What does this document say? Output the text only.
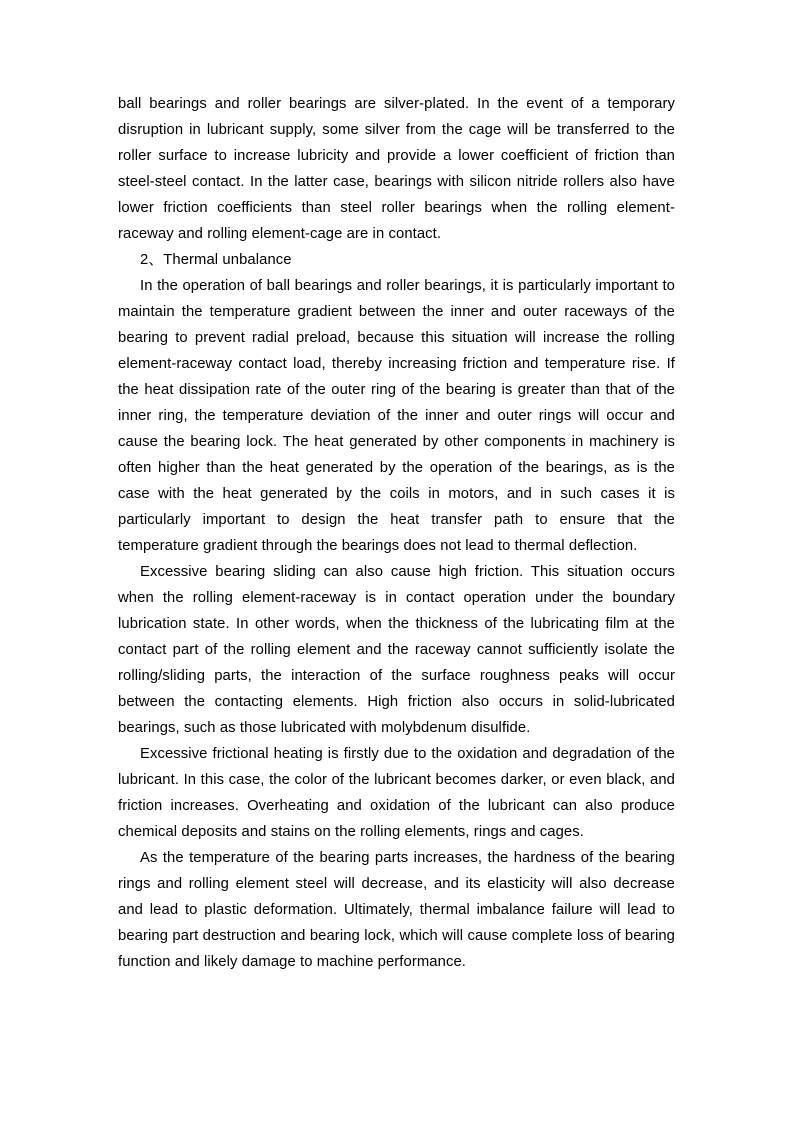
ball bearings and roller bearings are silver-plated. In the event of a temporary disruption in lubricant supply, some silver from the cage will be transferred to the roller surface to increase lubricity and provide a lower coefficient of friction than steel-steel contact. In the latter case, bearings with silicon nitride rollers also have lower friction coefficients than steel roller bearings when the rolling element-raceway and rolling element-cage are in contact.

2、Thermal unbalance

In the operation of ball bearings and roller bearings, it is particularly important to maintain the temperature gradient between the inner and outer raceways of the bearing to prevent radial preload, because this situation will increase the rolling element-raceway contact load, thereby increasing friction and temperature rise. If the heat dissipation rate of the outer ring of the bearing is greater than that of the inner ring, the temperature deviation of the inner and outer rings will occur and cause the bearing lock. The heat generated by other components in machinery is often higher than the heat generated by the operation of the bearings, as is the case with the heat generated by the coils in motors, and in such cases it is particularly important to design the heat transfer path to ensure that the temperature gradient through the bearings does not lead to thermal deflection.

Excessive bearing sliding can also cause high friction. This situation occurs when the rolling element-raceway is in contact operation under the boundary lubrication state. In other words, when the thickness of the lubricating film at the contact part of the rolling element and the raceway cannot sufficiently isolate the rolling/sliding parts, the interaction of the surface roughness peaks will occur between the contacting elements. High friction also occurs in solid-lubricated bearings, such as those lubricated with molybdenum disulfide.

Excessive frictional heating is firstly due to the oxidation and degradation of the lubricant. In this case, the color of the lubricant becomes darker, or even black, and friction increases. Overheating and oxidation of the lubricant can also produce chemical deposits and stains on the rolling elements, rings and cages.

As the temperature of the bearing parts increases, the hardness of the bearing rings and rolling element steel will decrease, and its elasticity will also decrease and lead to plastic deformation. Ultimately, thermal imbalance failure will lead to bearing part destruction and bearing lock, which will cause complete loss of bearing function and likely damage to machine performance.
